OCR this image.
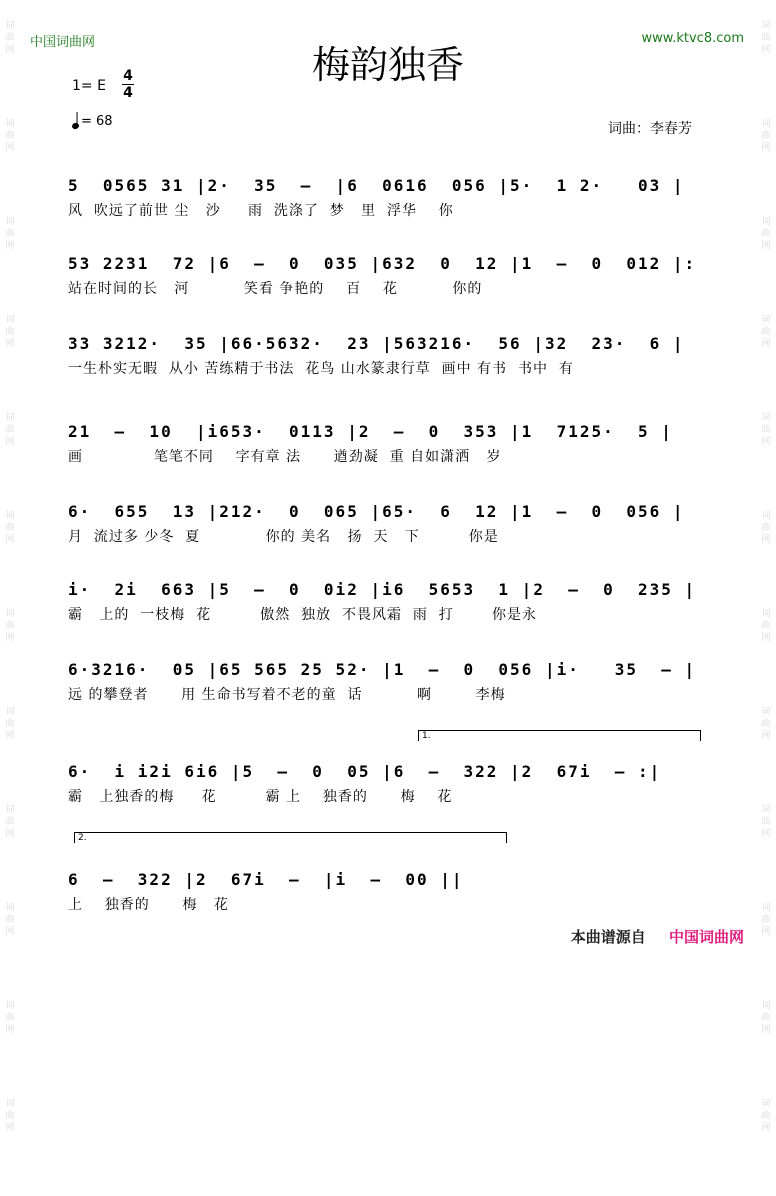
词
曲
网
词
曲
网
词
曲
网
词
曲
网
词
曲
网
词
曲
网
词
曲
网
词
曲
网
词
曲
网
词
曲
网
词
曲
网
词
曲
网
词
曲
网
词
曲
网
词
曲
网
词
曲
网
词
曲
网
词
曲
网
词
曲
网
词
曲
网
词
曲
网
词
曲
网
词
曲
网
词
曲
网
中国词曲网	www.ktvc8.com
梅韵独香
1= E
4
4
= 68	词曲：李春芳
5  0565 31 |2·  35  –  |6  0616  056 |5·  1 2·   03 |
风  吹远了前世 尘   沙     雨  洗涤了  梦   里  浮华    你
53 2231  72 |6  –  0  035 |632  0  12 |1  –  0  012 |:
站在时间的长   河          笑看 争艳的    百    花          你的
33 3212·  35 |66·5632·  23 |563216·  56 |32  23·  6 |
一生朴实无暇  从小 苦练精于书法  花鸟 山水篆隶行草  画中 有书  书中  有
21  –  10  |i653·  0113 |2  –  0  353 |1  7125·  5 |
画             笔笔不同    字有章 法      遒劲凝  重 自如潇洒   岁
6·  655  13 |212·  0  065 |65·  6  12 |1  –  0  056 |
月  流过多 少冬  夏            你的 美名   扬  天   下         你是
i·  2i  663 |5  –  0  0i2 |i6  5653  1 |2  –  0  235 |
霸   上的  一枝梅  花         傲然  独放  不畏风霜  雨  打       你是永
6·3216·  05 |65 565 25 52· |1  –  0  056 |i·   35  – |
远 的攀登者      用 生命书写着不老的童  话          啊        李梅
1.
6·  i i2i 6i6 |5  –  0  05 |6  –  322 |2  67i  – :|
霸   上独香的梅     花         霸 上    独香的      梅    花
2.
6  –  322 |2  67i  –  |i  –  00 ||
上    独香的      梅   花
本曲谱源自 中国词曲网
